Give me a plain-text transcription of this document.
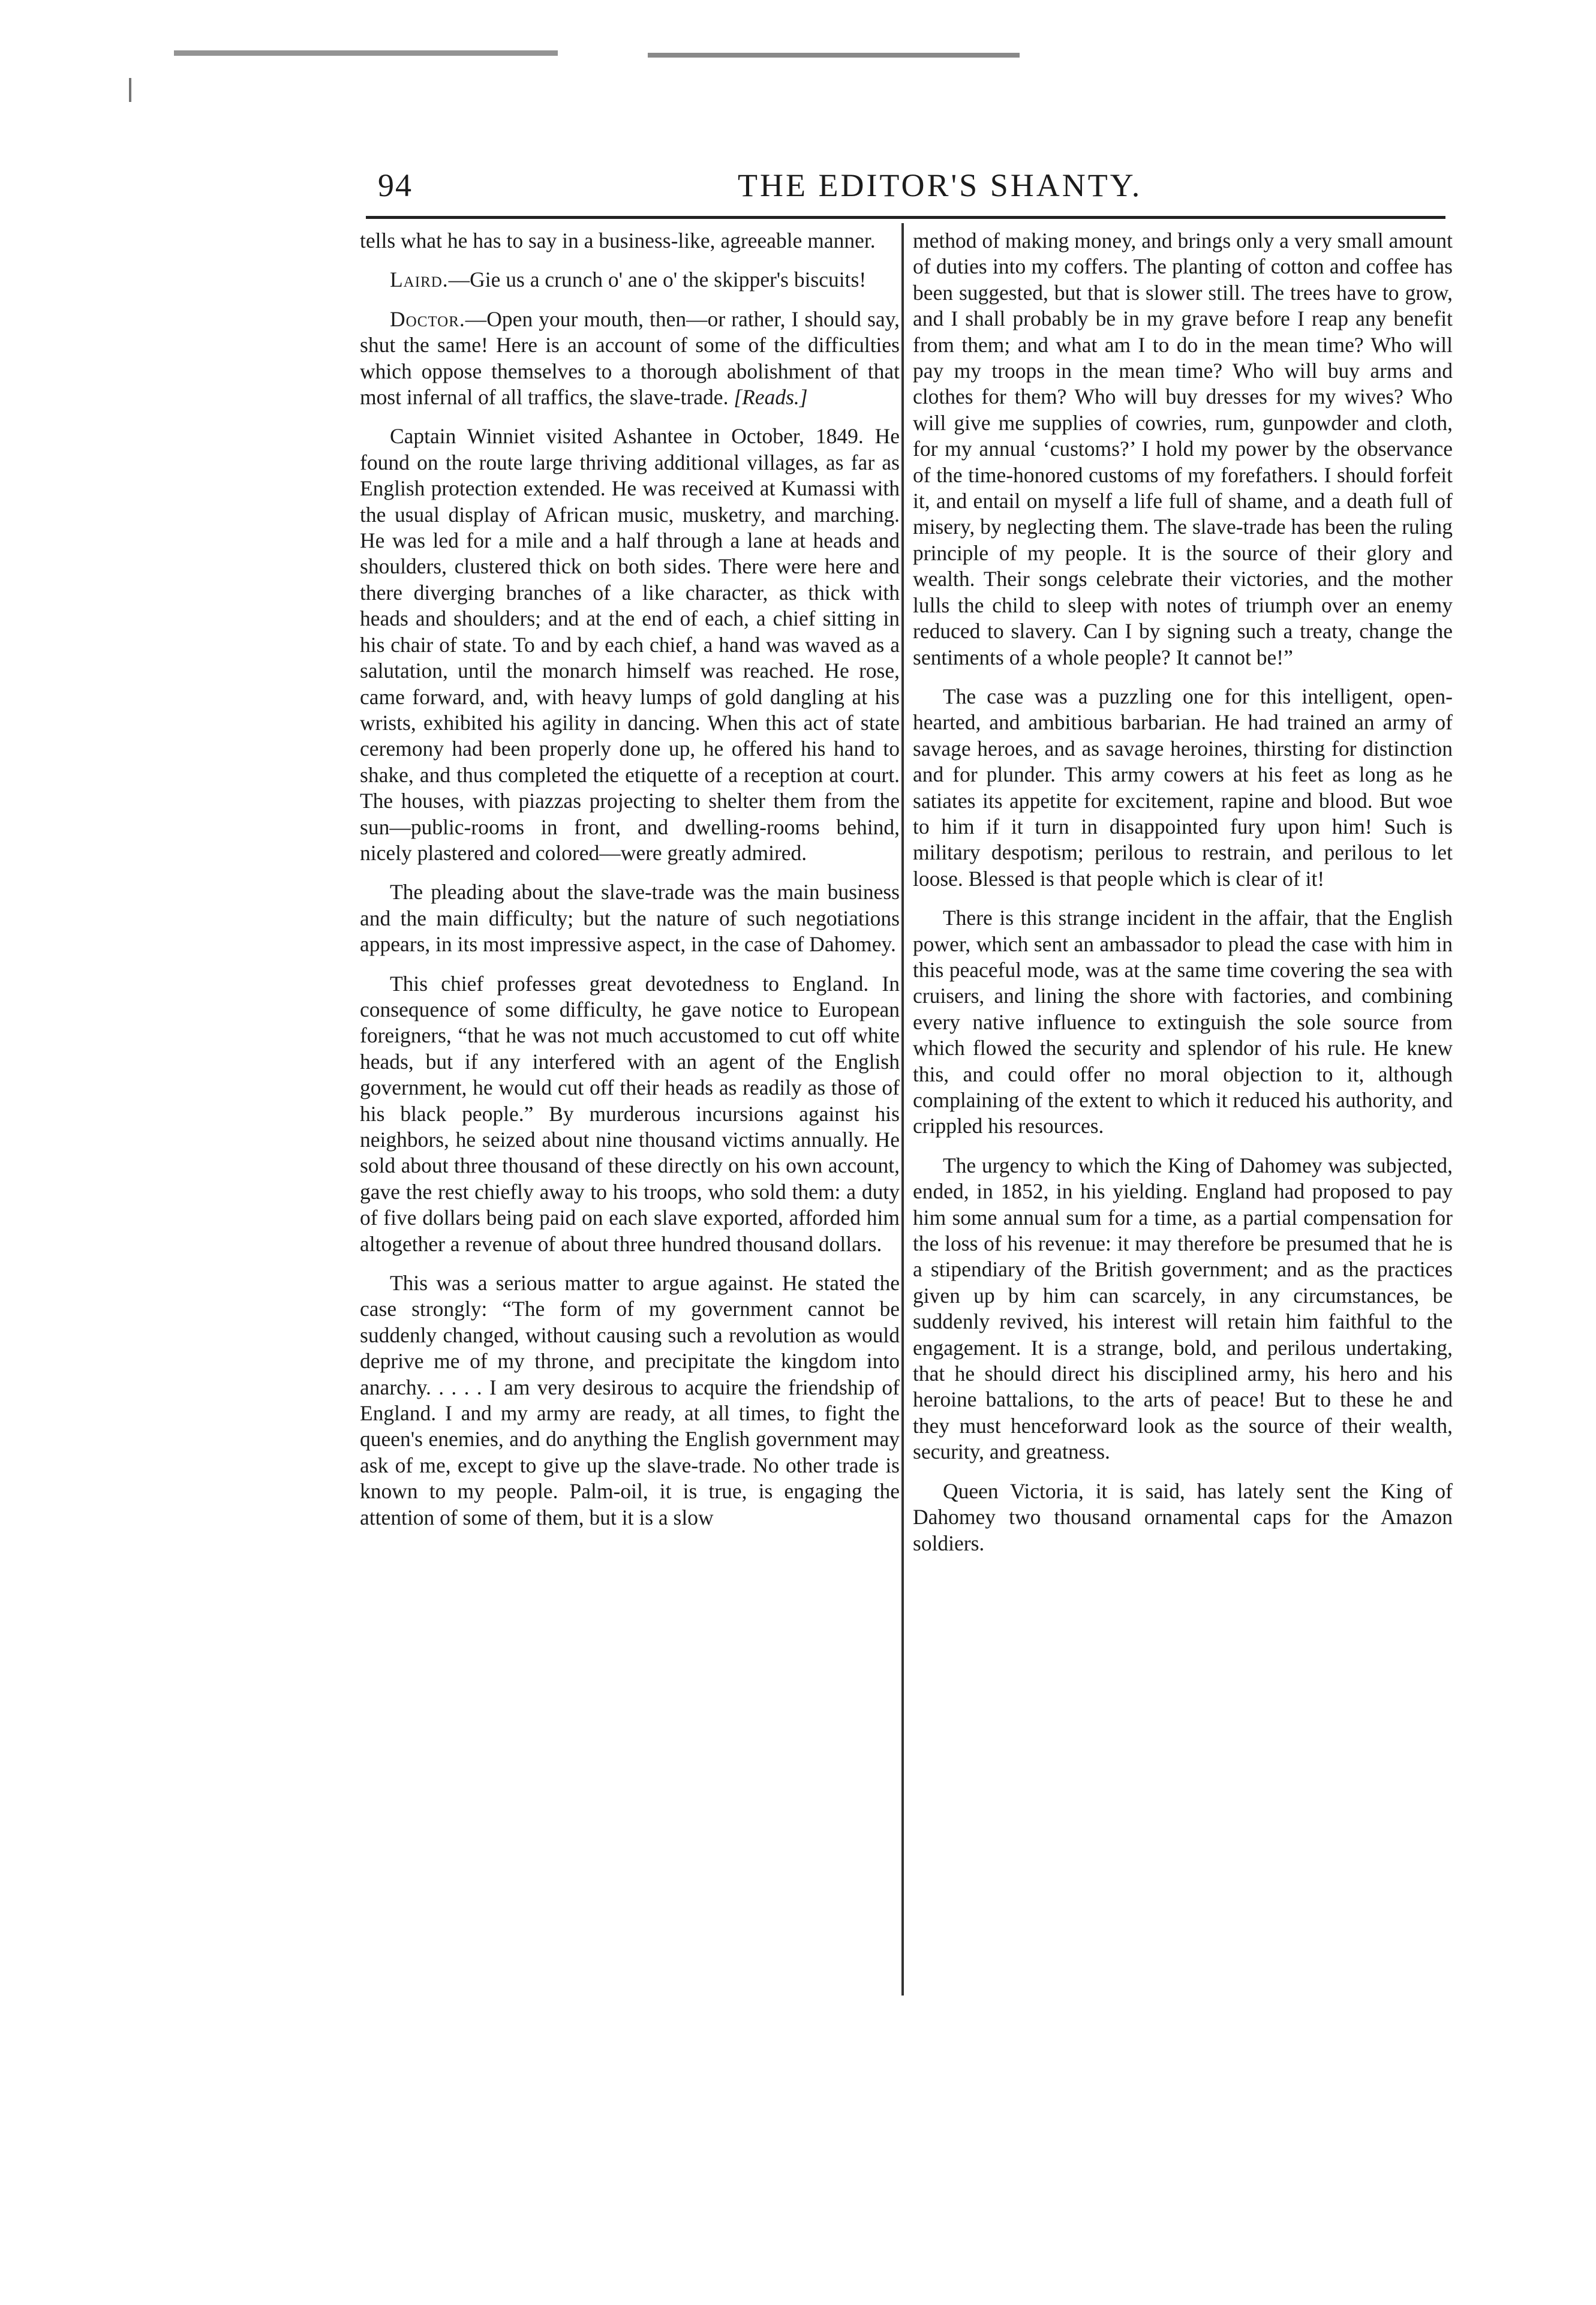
94	THE EDITOR'S SHANTY.

tells what he has to say in a business-like, agreeable manner.

Laird.—Gie us a crunch o' ane o' the skipper's biscuits!

Doctor.—Open your mouth, then—or rather, I should say, shut the same! Here is an account of some of the difficulties which oppose themselves to a thorough abolishment of that most infernal of all traffics, the slave-trade. [Reads.]

Captain Winniet visited Ashantee in October, 1849. He found on the route large thriving additional villages, as far as English protection extended. He was received at Kumassi with the usual display of African music, musketry, and marching. He was led for a mile and a half through a lane at heads and shoulders, clustered thick on both sides. There were here and there diverging branches of a like character, as thick with heads and shoulders; and at the end of each, a chief sitting in his chair of state. To and by each chief, a hand was waved as a salutation, until the monarch himself was reached. He rose, came forward, and, with heavy lumps of gold dangling at his wrists, exhibited his agility in dancing. When this act of state ceremony had been properly done up, he offered his hand to shake, and thus completed the etiquette of a reception at court. The houses, with piazzas projecting to shelter them from the sun—public-rooms in front, and dwelling-rooms behind, nicely plastered and colored—were greatly admired.

The pleading about the slave-trade was the main business and the main difficulty; but the nature of such negotiations appears, in its most impressive aspect, in the case of Dahomey.

This chief professes great devotedness to England. In consequence of some difficulty, he gave notice to European foreigners, “that he was not much accustomed to cut off white heads, but if any interfered with an agent of the English government, he would cut off their heads as readily as those of his black people.” By murderous incursions against his neighbors, he seized about nine thousand victims annually. He sold about three thousand of these directly on his own account, gave the rest chiefly away to his troops, who sold them: a duty of five dollars being paid on each slave exported, afforded him altogether a revenue of about three hundred thousand dollars.

This was a serious matter to argue against. He stated the case strongly: “The form of my government cannot be suddenly changed, without causing such a revolution as would deprive me of my throne, and precipitate the kingdom into anarchy. . . . . I am very desirous to acquire the friendship of England. I and my army are ready, at all times, to fight the queen's enemies, and do anything the English government may ask of me, except to give up the slave-trade. No other trade is known to my people. Palm-oil, it is true, is engaging the attention of some of them, but it is a slow

method of making money, and brings only a very small amount of duties into my coffers. The planting of cotton and coffee has been suggested, but that is slower still. The trees have to grow, and I shall probably be in my grave before I reap any benefit from them; and what am I to do in the mean time? Who will pay my troops in the mean time? Who will buy arms and clothes for them? Who will buy dresses for my wives? Who will give me supplies of cowries, rum, gunpowder and cloth, for my annual ‘customs?’ I hold my power by the observance of the time-honored customs of my forefathers. I should forfeit it, and entail on myself a life full of shame, and a death full of misery, by neglecting them. The slave-trade has been the ruling principle of my people. It is the source of their glory and wealth. Their songs celebrate their victories, and the mother lulls the child to sleep with notes of triumph over an enemy reduced to slavery. Can I by signing such a treaty, change the sentiments of a whole people? It cannot be!”

The case was a puzzling one for this intelligent, open-hearted, and ambitious barbarian. He had trained an army of savage heroes, and as savage heroines, thirsting for distinction and for plunder. This army cowers at his feet as long as he satiates its appetite for excitement, rapine and blood. But woe to him if it turn in disappointed fury upon him! Such is military despotism; perilous to restrain, and perilous to let loose. Blessed is that people which is clear of it!

There is this strange incident in the affair, that the English power, which sent an ambassador to plead the case with him in this peaceful mode, was at the same time covering the sea with cruisers, and lining the shore with factories, and combining every native influence to extinguish the sole source from which flowed the security and splendor of his rule. He knew this, and could offer no moral objection to it, although complaining of the extent to which it reduced his authority, and crippled his resources.

The urgency to which the King of Dahomey was subjected, ended, in 1852, in his yielding. England had proposed to pay him some annual sum for a time, as a partial compensation for the loss of his revenue: it may therefore be presumed that he is a stipendiary of the British government; and as the practices given up by him can scarcely, in any circumstances, be suddenly revived, his interest will retain him faithful to the engagement. It is a strange, bold, and perilous undertaking, that he should direct his disciplined army, his hero and his heroine battalions, to the arts of peace! But to these he and they must henceforward look as the source of their wealth, security, and greatness.

Queen Victoria, it is said, has lately sent the King of Dahomey two thousand ornamental caps for the Amazon soldiers.
